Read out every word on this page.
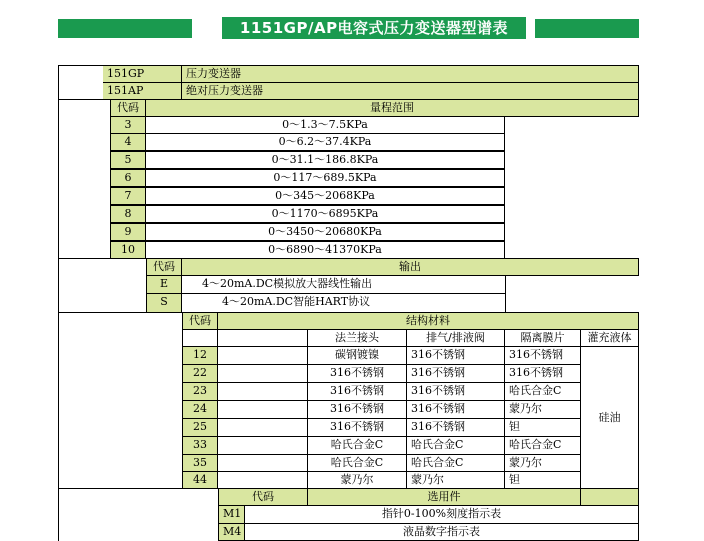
1151GP/AP电容式压力变送器型谱表
151GP	压力变送器
151AP	绝对压力变送器
代码	量程范围
3	0～1.3～7.5KPa
4	0～6.2～37.4KPa
5	0～31.1～186.8KPa
6	0～117～689.5KPa
7	0～345～2068KPa
8	0～1170～6895KPa
9	0～3450～20680KPa
10	0～6890～41370KPa
代码	输出
E	4～20mA.DC模拟放大器线性输出
S	4～20mA.DC智能HART协议
代码	结构材料
法兰接头	排气/排液阀	隔离膜片	灌充液体
12	碳钢镀镍	316不锈钢	316不锈钢
22	316不锈钢	316不锈钢	316不锈钢
23	316不锈钢	316不锈钢	哈氏合金C
24	316不锈钢	316不锈钢	蒙乃尔
25	316不锈钢	316不锈钢	钽
33	哈氏合金C	哈氏合金C	哈氏合金C
35	哈氏合金C	哈氏合金C	蒙乃尔
44	蒙乃尔	蒙乃尔	钽
硅油
代码	选用件
M1	指针0-100%刻度指示表
M4	液晶数字指示表
